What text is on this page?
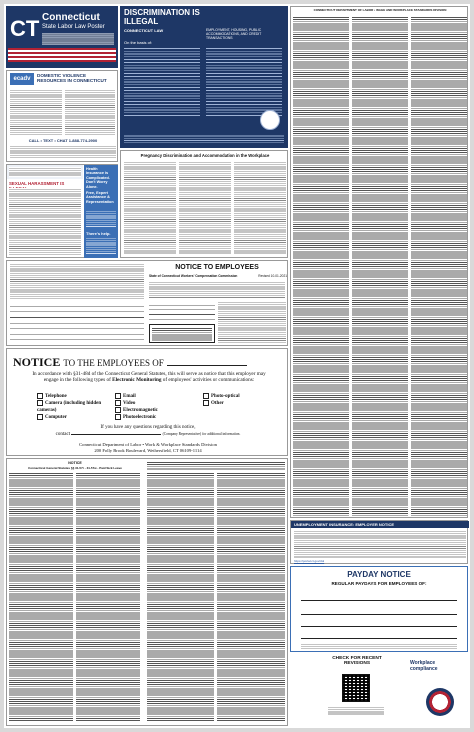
CT Connecticut
State Labor Law Poster
ecadv
DOMESTIC VIOLENCE RESOURCES IN CONNECTICUT
CALL • TEXT • CHAT 1-888-774-2900
DISCRIMINATION IS ILLEGAL
CONNECTICUT LAW	EMPLOYMENT, HOUSING, PUBLIC ACCOMMODATIONS, AND CREDIT TRANSACTIONS
On the basis of:
Pregnancy Discrimination and Accommodation in the Workplace
SEXUAL HARASSMENT IS
Health Insurance is Complicated. Don't Worry Alone.
Free, Expert Assistance & Representation
There's help.
NOTICE TO EMPLOYEES
State of Connecticut Workers' Compensation Commission	Revised 10-01-2021
NOTICE TO THE EMPLOYEES OF
In accordance with §31-48d of the Connecticut General Statutes, this will serve as notice that this employer may engage in the following types of Electronic Monitoring of employees' activities or communications:
Telephone
Camera (including hidden cameras)
Computer
Email
Video
Electromagnetic
Photoelectronic
Photo-optical
Other
If you have any questions regarding this notice,
contact	(Company Representative) for additional information.
Connecticut Department of Labor • Work & Workplace Standards Division
200 Folly Brook Boulevard, Wethersfield, CT 06109-1114
CONNECTICUT DEPARTMENT OF LABOR • WAGE AND WORKPLACE STANDARDS DIVISION
NOTICE
Connecticut General Statutes §§ 31-57r - 31-57w - Paid Sick Leave
UNEMPLOYMENT INSURANCE: EMPLOYER NOTICE
https://portal.ct.gov/dol
PAYDAY NOTICE
REGULAR PAYDAYS FOR EMPLOYEES OF:
CHECK FOR RECENT REVISIONS	Workplace compliance
